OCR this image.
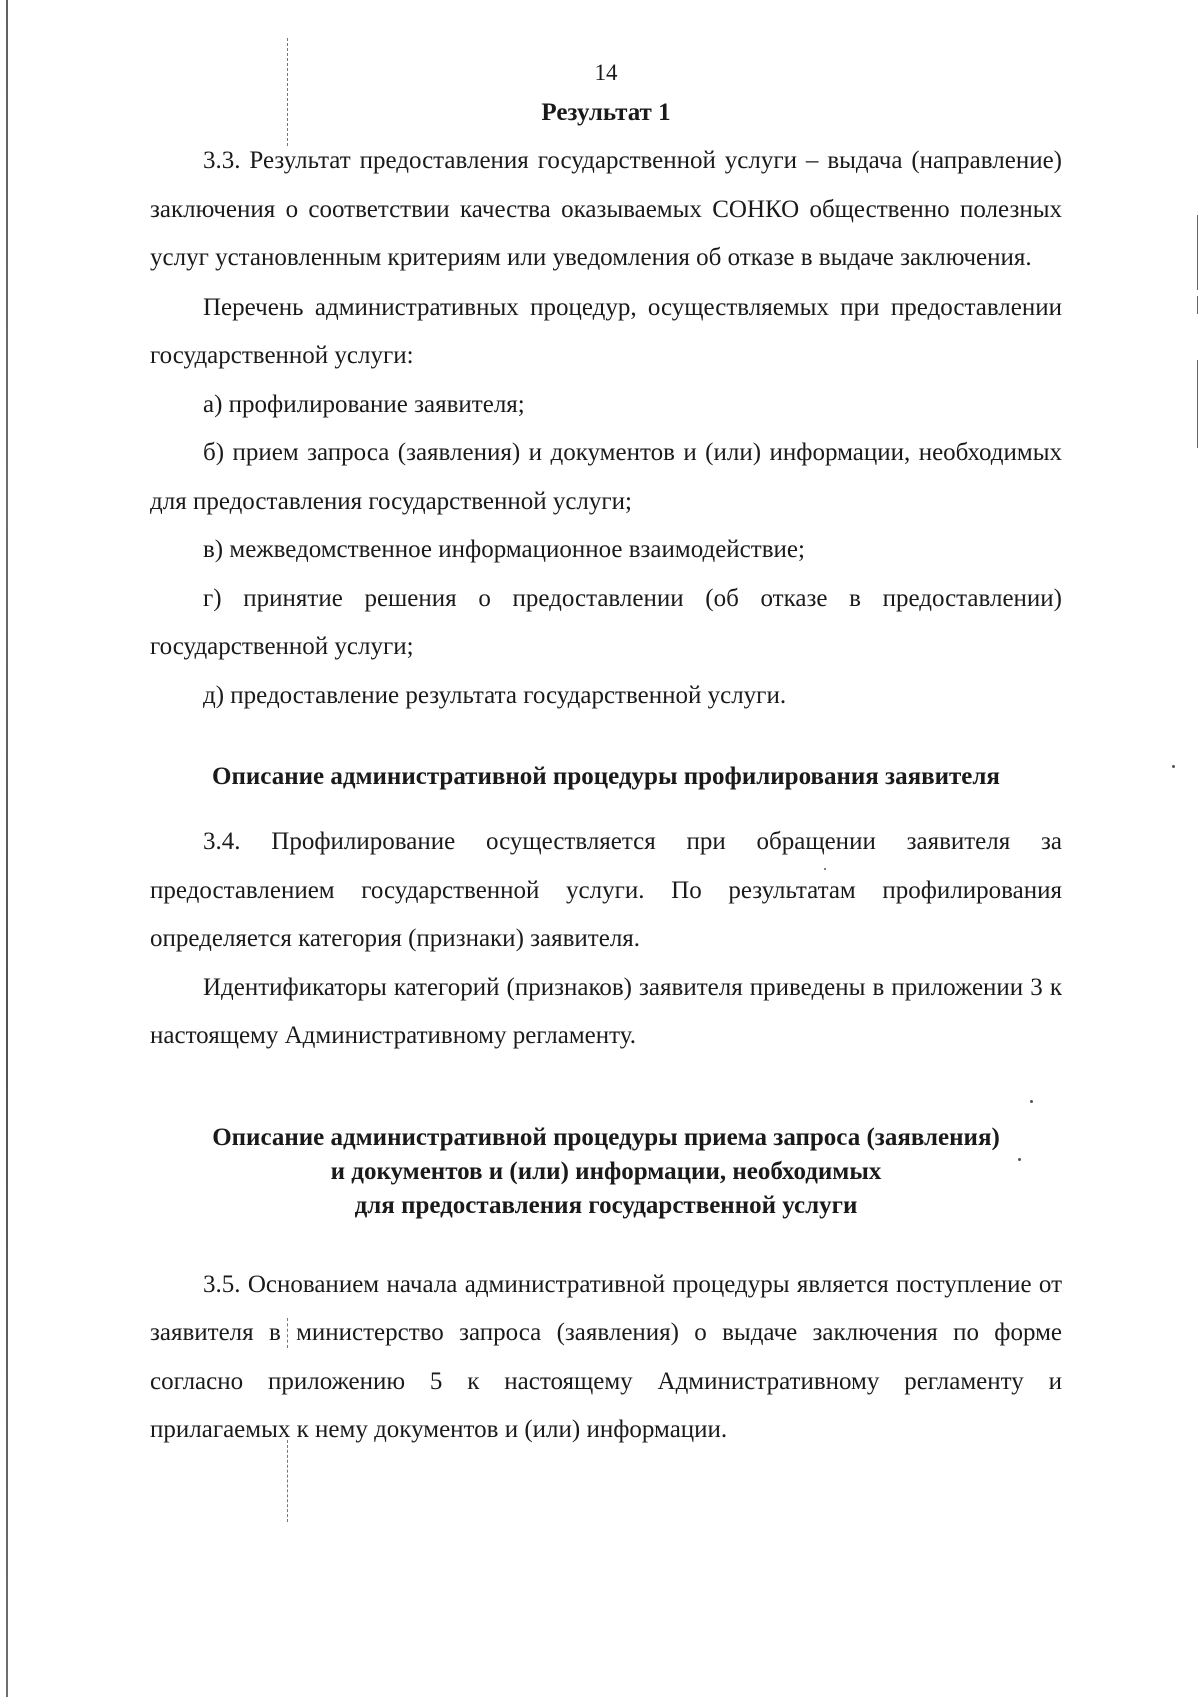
14
Результат 1

3.3. Результат предоставления государственной услуги – выдача (направление) заключения о соответствии качества оказываемых СОНКО общественно полезных услуг установленным критериям или уведомления об отказе в выдаче заключения.

Перечень административных процедур, осуществляемых при предоставлении государственной услуги:

а) профилирование заявителя;

б) прием запроса (заявления) и документов и (или) информации, необходимых для предоставления государственной услуги;

в) межведомственное информационное взаимодействие;

г) принятие решения о предоставлении (об отказе в предоставлении) государственной услуги;

д) предоставление результата государственной услуги.

Описание административной процедуры профилирования заявителя

3.4. Профилирование осуществляется при обращении заявителя за предоставлением государственной услуги. По результатам профилирования определяется категория (признаки) заявителя.

Идентификаторы категорий (признаков) заявителя приведены в приложении 3 к настоящему Административному регламенту.

Описание административной процедуры приема запроса (заявления)
и документов и (или) информации, необходимых
для предоставления государственной услуги

3.5. Основанием начала административной процедуры является поступление от заявителя в министерство запроса (заявления) о выдаче заключения по форме согласно приложению 5 к настоящему Административному регламенту и прилагаемых к нему документов и (или) информации.
